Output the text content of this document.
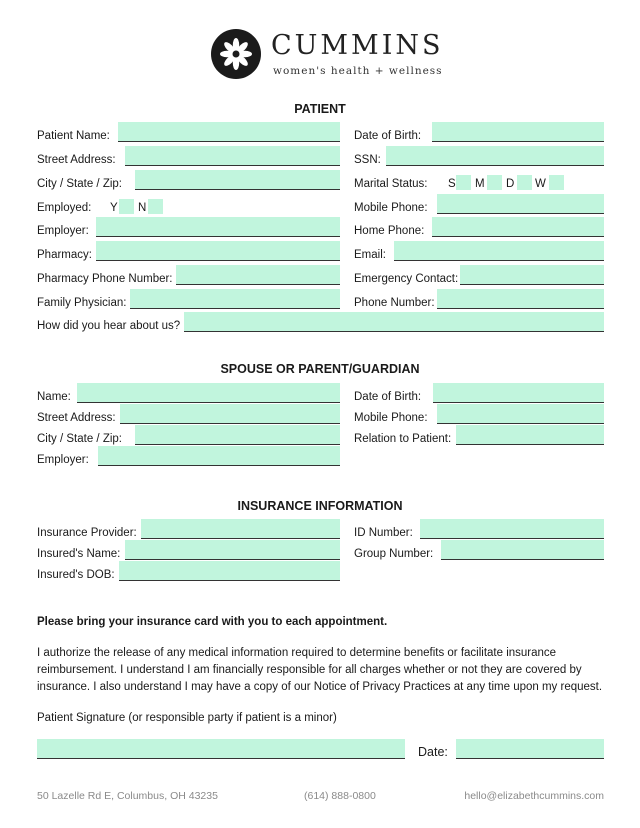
CUMMINS
women's health + wellness
PATIENT
Patient Name:	Date of Birth:
Street Address:	SSN:
City / State / Zip:	Marital Status: S M D W
Employed: Y N	Mobile Phone:
Employer:	Home Phone:
Pharmacy:	Email:
Pharmacy Phone Number:	Emergency Contact:
Family Physician:	Phone Number:
How did you hear about us?
SPOUSE OR PARENT/GUARDIAN
Name:	Date of Birth:
Street Address:	Mobile Phone:
City / State / Zip:	Relation to Patient:
Employer:
INSURANCE INFORMATION
Insurance Provider:	ID Number:
Insured's Name:	Group Number:
Insured's DOB:
Please bring your insurance card with you to each appointment.
I authorize the release of any medical information required to determine benefits or facilitate insurance reimbursement. I understand I am financially responsible for all charges whether or not they are covered by insurance. I also understand I may have a copy of our Notice of Privacy Practices at any time upon my request.
Patient Signature (or responsible party if patient is a minor)
Date:
50 Lazelle Rd E, Columbus, OH 43235	(614) 888-0800	hello@elizabethcummins.com
